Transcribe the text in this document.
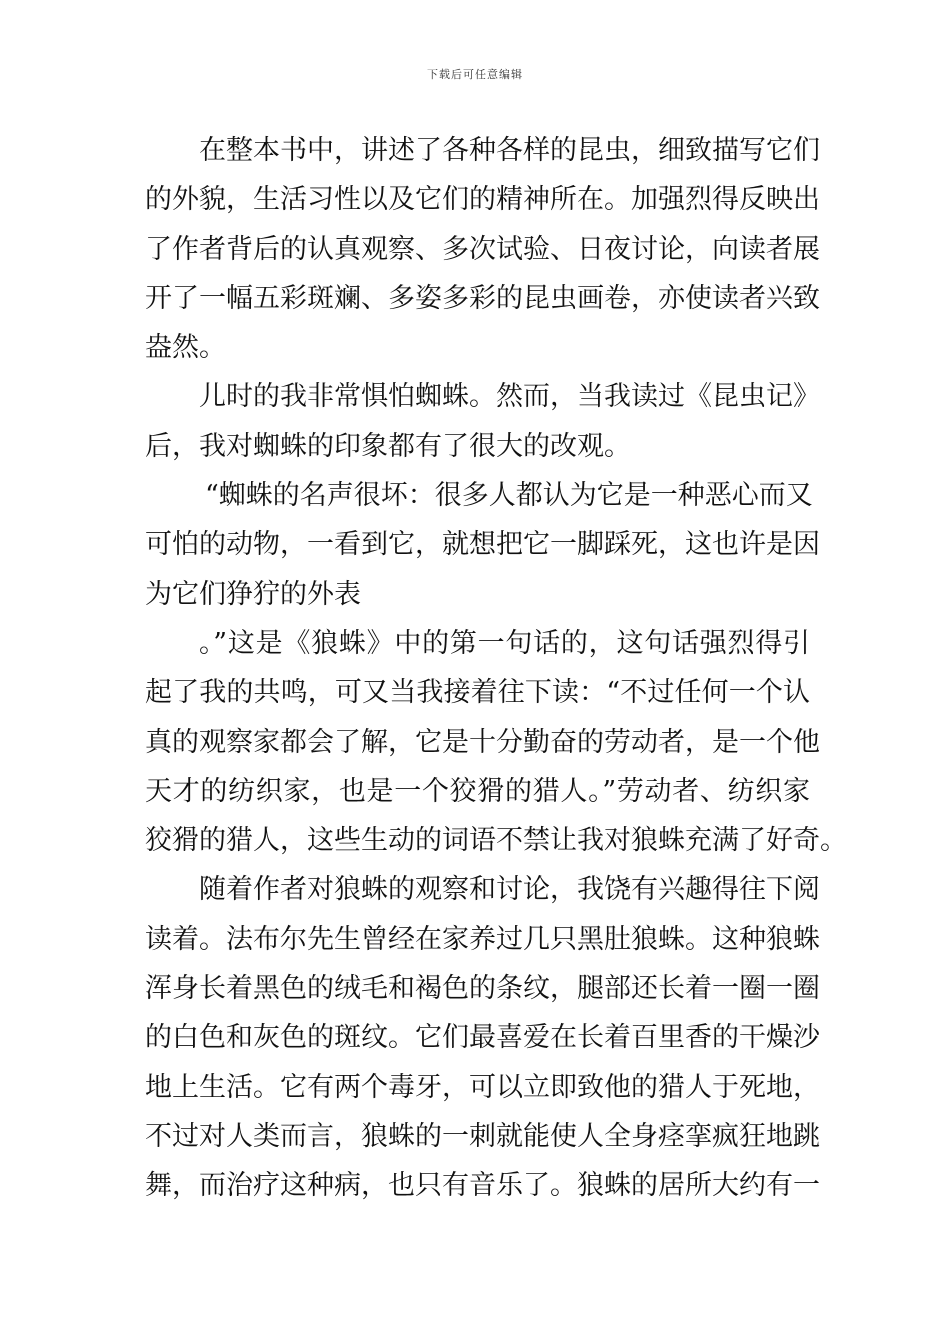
下载后可任意编辑
在整本书中，讲述了各种各样的昆虫，细致描写它们
的外貌，生活习性以及它们的精神所在。加强烈得反映出
了作者背后的认真观察、多次试验、日夜讨论，向读者展
开了一幅五彩斑斓、多姿多彩的昆虫画卷，亦使读者兴致
盎然。
儿时的我非常惧怕蜘蛛。然而，当我读过《昆虫记》
后，我对蜘蛛的印象都有了很大的改观。
“蜘蛛的名声很坏：很多人都认为它是一种恶心而又
可怕的动物，一看到它，就想把它一脚踩死，这也许是因
为它们狰狞的外表
。”这是《狼蛛》中的第一句话的，这句话强烈得引
起了我的共鸣，可又当我接着往下读：“不过任何一个认
真的观察家都会了解，它是十分勤奋的劳动者，是一个他
天才的纺织家，也是一个狡猾的猎人。”劳动者、纺织家
狡猾的猎人，这些生动的词语不禁让我对狼蛛充满了好奇。
随着作者对狼蛛的观察和讨论，我饶有兴趣得往下阅
读着。法布尔先生曾经在家养过几只黑肚狼蛛。这种狼蛛
浑身长着黑色的绒毛和褐色的条纹，腿部还长着一圈一圈
的白色和灰色的斑纹。它们最喜爱在长着百里香的干燥沙
地上生活。它有两个毒牙，可以立即致他的猎人于死地，
不过对人类而言，狼蛛的一刺就能使人全身痉挛疯狂地跳
舞，而治疗这种病，也只有音乐了。狼蛛的居所大约有一
